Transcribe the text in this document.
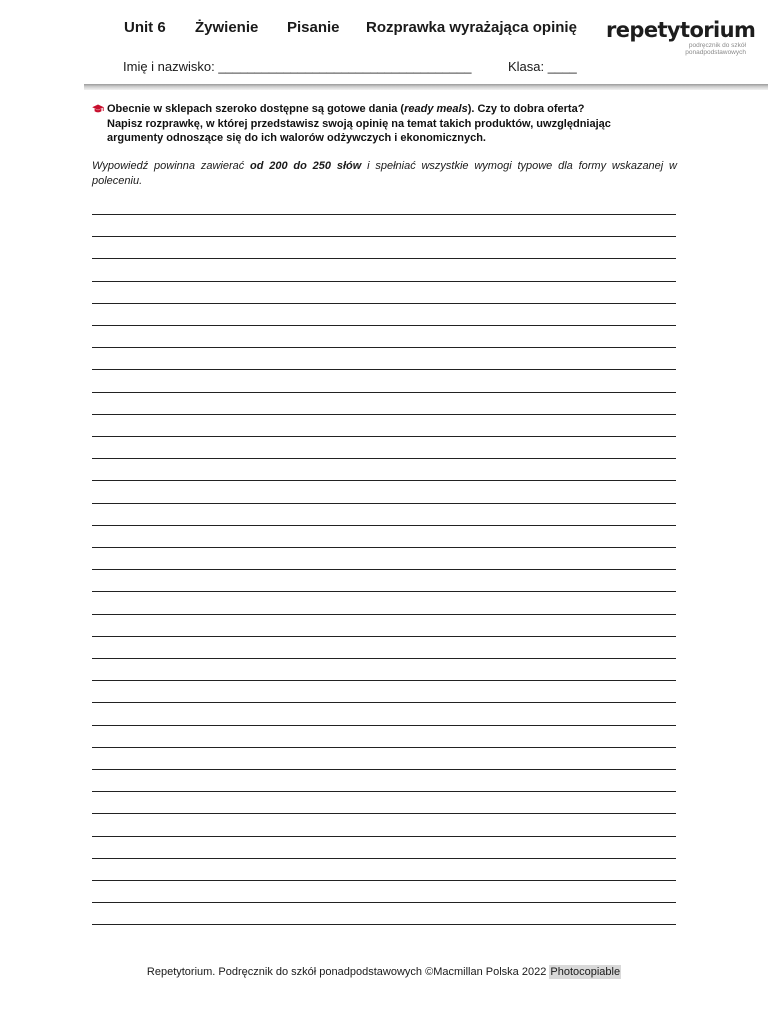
Unit 6 Żywienie Pisanie Rozprawka wyrażająca opinię repetytorium
podręcznik do szkół
ponadpodstawowych
Imię i nazwisko: ___________________________________	Klasa: ____
Obecnie w sklepach szeroko dostępne są gotowe dania (ready meals). Czy to dobra oferta?
Napisz rozprawkę, w której przedstawisz swoją opinię na temat takich produktów, uwzględniając
argumenty odnoszące się do ich walorów odżywczych i ekonomicznych.
Wypowiedź powinna zawierać od 200 do 250 słów i spełniać wszystkie wymogi typowe dla formy wskazanej w poleceniu.
Repetytorium. Podręcznik do szkół ponadpodstawowych ©Macmillan Polska 2022 Photocopiable
